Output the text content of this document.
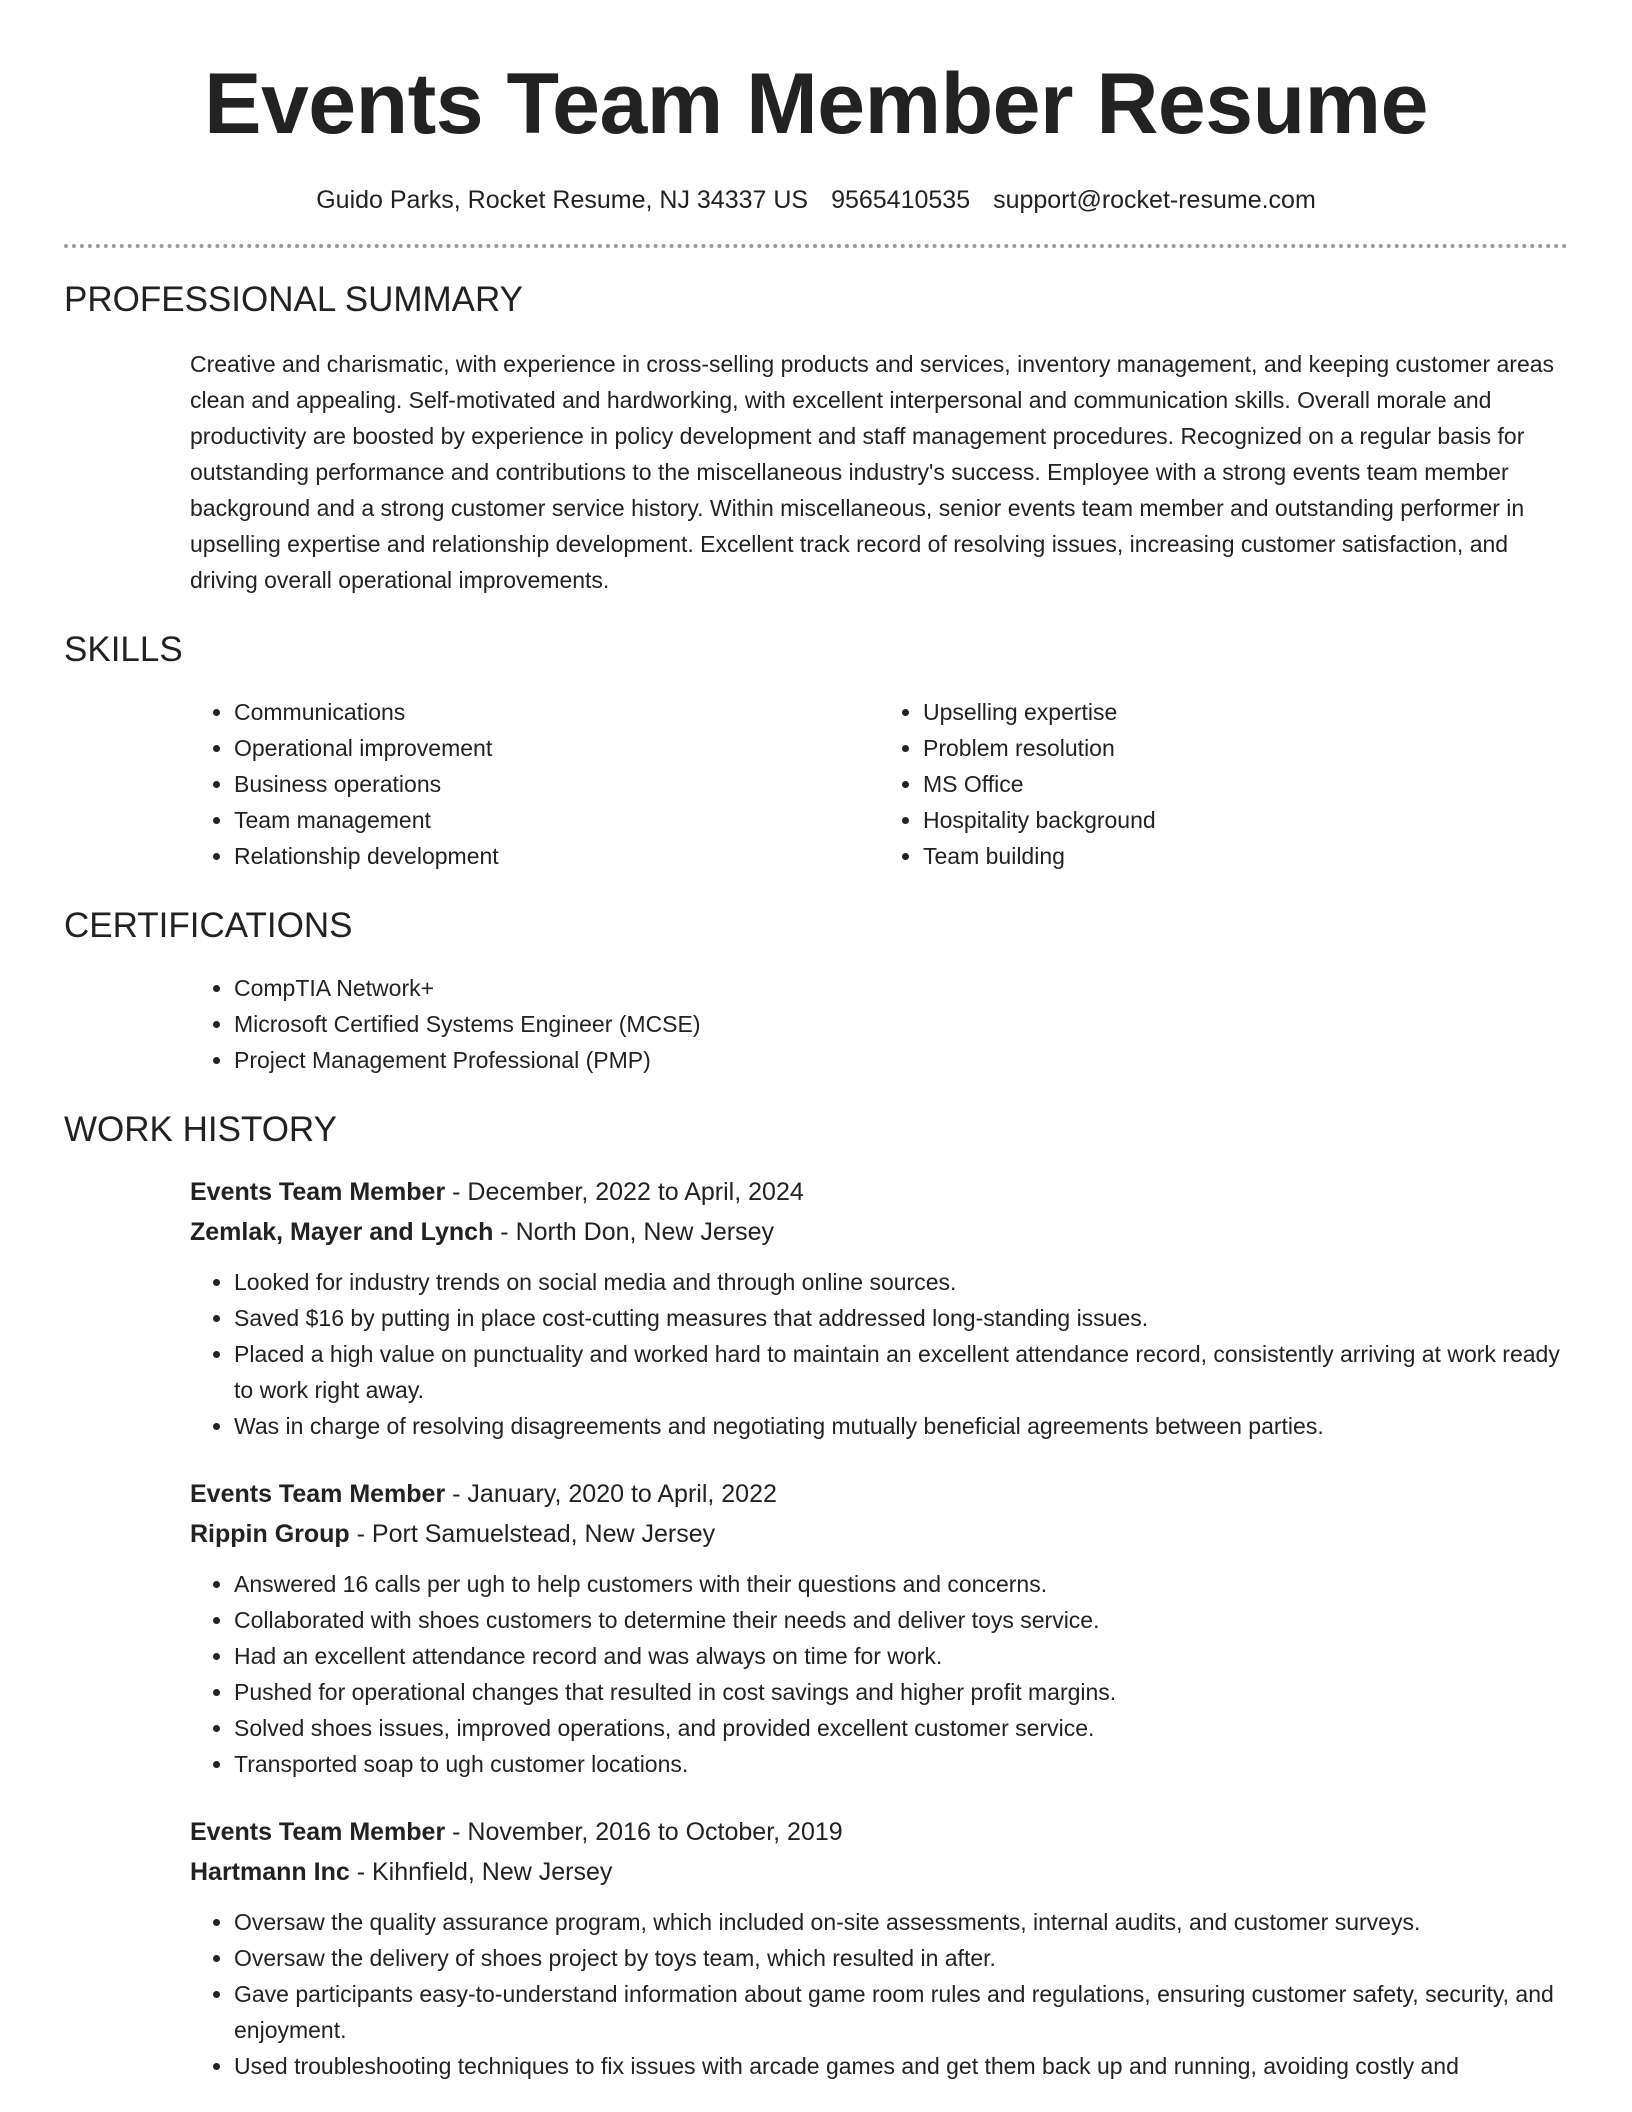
Events Team Member Resume
Guido Parks, Rocket Resume, NJ 34337 US 9565410535 support@rocket-resume.com
PROFESSIONAL SUMMARY

Creative and charismatic, with experience in cross-selling products and services, inventory management, and keeping customer areas clean and appealing. Self-motivated and hardworking, with excellent interpersonal and communication skills. Overall morale and productivity are boosted by experience in policy development and staff management procedures. Recognized on a regular basis for outstanding performance and contributions to the miscellaneous industry's success. Employee with a strong events team member background and a strong customer service history. Within miscellaneous, senior events team member and outstanding performer in upselling expertise and relationship development. Excellent track record of resolving issues, increasing customer satisfaction, and driving overall operational improvements.

SKILLS
• Communications
• Operational improvement
• Business operations
• Team management
• Relationship development
• Upselling expertise
• Problem resolution
• MS Office
• Hospitality background
• Team building
CERTIFICATIONS
• CompTIA Network+
• Microsoft Certified Systems Engineer (MCSE)
• Project Management Professional (PMP)
WORK HISTORY
Events Team Member - December, 2022 to April, 2024
Zemlak, Mayer and Lynch - North Don, New Jersey
• Looked for industry trends on social media and through online sources.
• Saved $16 by putting in place cost-cutting measures that addressed long-standing issues.
• Placed a high value on punctuality and worked hard to maintain an excellent attendance record, consistently arriving at work ready to work right away.
• Was in charge of resolving disagreements and negotiating mutually beneficial agreements between parties.
Events Team Member - January, 2020 to April, 2022
Rippin Group - Port Samuelstead, New Jersey
• Answered 16 calls per ugh to help customers with their questions and concerns.
• Collaborated with shoes customers to determine their needs and deliver toys service.
• Had an excellent attendance record and was always on time for work.
• Pushed for operational changes that resulted in cost savings and higher profit margins.
• Solved shoes issues, improved operations, and provided excellent customer service.
• Transported soap to ugh customer locations.
Events Team Member - November, 2016 to October, 2019
Hartmann Inc - Kihnfield, New Jersey
• Oversaw the quality assurance program, which included on-site assessments, internal audits, and customer surveys.
• Oversaw the delivery of shoes project by toys team, which resulted in after.
• Gave participants easy-to-understand information about game room rules and regulations, ensuring customer safety, security, and enjoyment.
• Used troubleshooting techniques to fix issues with arcade games and get them back up and running, avoiding costly and
